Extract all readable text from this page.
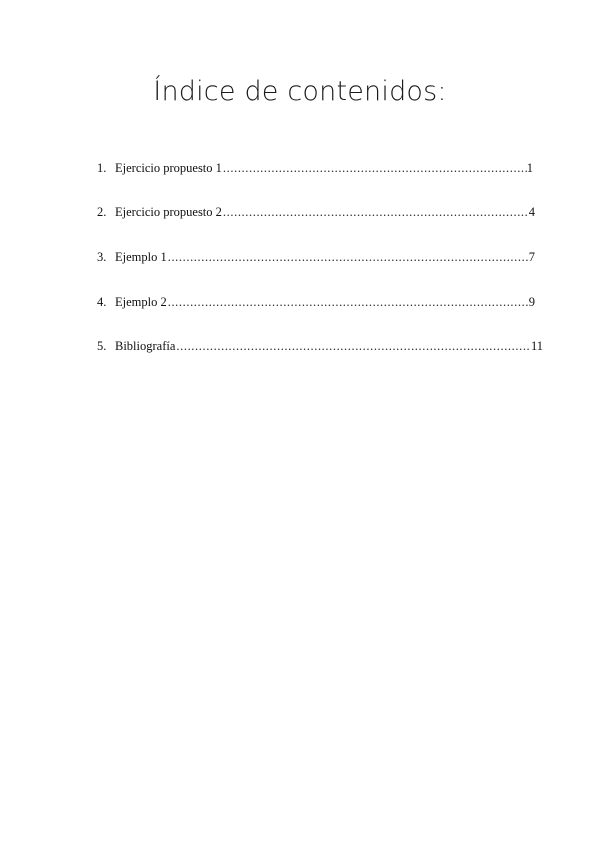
Índice de contenidos:
1. Ejercicio propuesto 1 .....	1
2. Ejercicio propuesto 2 .....	4
3. Ejemplo 1 .....	7
4. Ejemplo 2 .....	9
5. Bibliografía .....	11
